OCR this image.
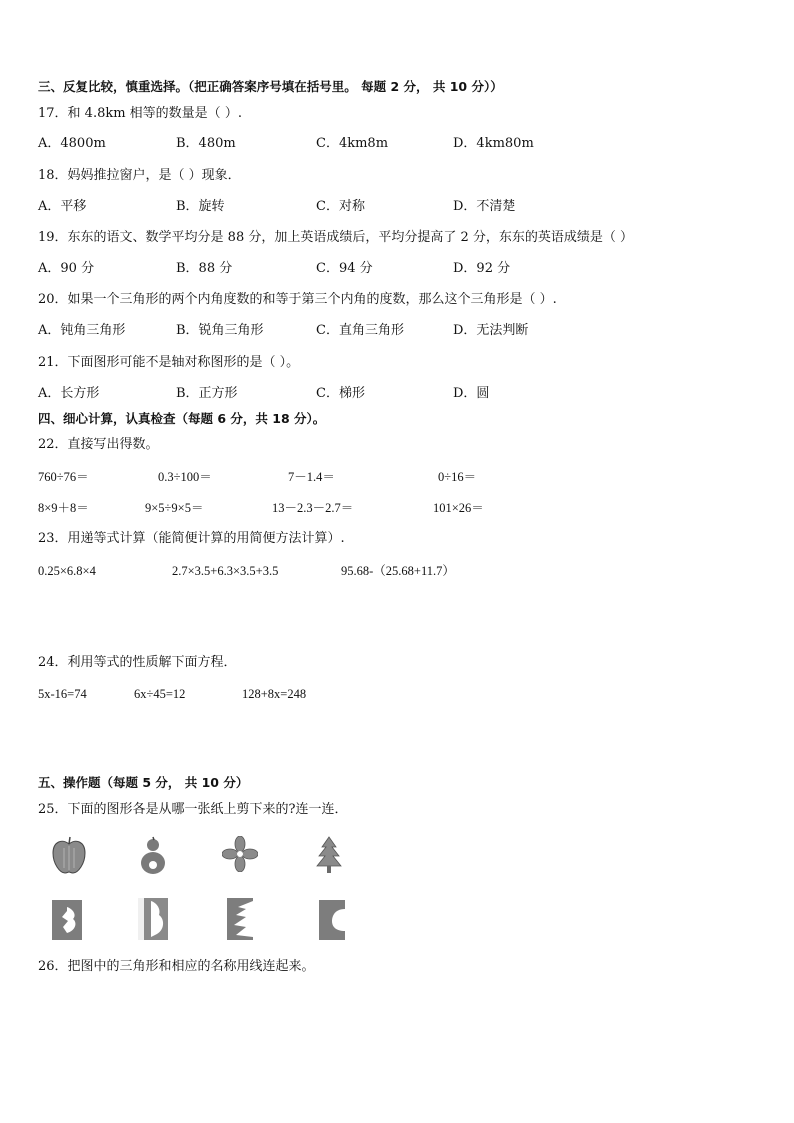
三、反复比较，慎重选择。（把正确答案序号填在括号里。 每题 2 分， 共 10 分））
17．和 4.8km 相等的数量是（ ）.
A．4800m	B．480m	C．4km8m	D．4km80m
18．妈妈推拉窗户，是（ ）现象．
A．平移	B．旋转	C．对称	D．不清楚
19．东东的语文、数学平均分是 88 分，加上英语成绩后，平均分提高了 2 分，东东的英语成绩是（ ）
A．90 分	B．88 分	C．94 分	D．92 分
20．如果一个三角形的两个内角度数的和等于第三个内角的度数，那么这个三角形是（ ）.
A．钝角三角形	B．锐角三角形	C．直角三角形	D．无法判断
21．下面图形可能不是轴对称图形的是（ ）。
A．长方形	B．正方形	C．梯形	D．圆
四、细心计算，认真检查（每题 6 分，共 18 分）。
22．直接写出得数。
760÷76＝	0.3÷100＝	7－1.4＝	0÷16＝
8×9＋8＝	9×5÷9×5＝	13－2.3－2.7＝	101×26＝
23．用递等式计算（能简便计算的用简便方法计算）.
0.25×6.8×4	2.7×3.5+6.3×3.5+3.5	95.68-（25.68+11.7）
24．利用等式的性质解下面方程．
5x-16=74	6x÷45=12	128+8x=248
五、操作题（每题 5 分， 共 10 分）
25．下面的图形各是从哪一张纸上剪下来的?连一连．
26．把图中的三角形和相应的名称用线连起来。
